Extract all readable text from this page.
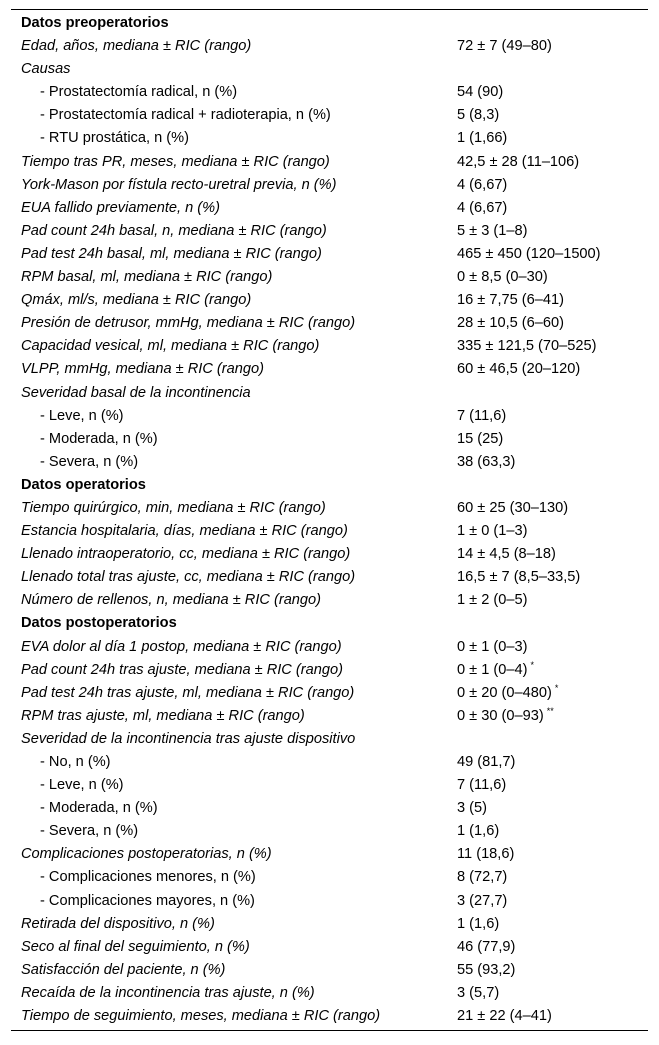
Datos preoperatorios
Edad, años, mediana ± RIC (rango)	72 ± 7 (49–80)
Causas
- Prostatectomía radical, n (%)	54 (90)
- Prostatectomía radical + radioterapia, n (%)	5 (8,3)
- RTU prostática, n (%)	1 (1,66)
Tiempo tras PR, meses, mediana ± RIC (rango)	42,5 ± 28 (11–106)
York-Mason por fístula recto-uretral previa, n (%)	4 (6,67)
EUA fallido previamente, n (%)	4 (6,67)
Pad count 24h basal, n, mediana ± RIC (rango)	5 ± 3 (1–8)
Pad test 24h basal, ml, mediana ± RIC (rango)	465 ± 450 (120–1500)
RPM basal, ml, mediana ± RIC (rango)	0 ± 8,5 (0–30)
Qmáx, ml/s, mediana ± RIC (rango)	16 ± 7,75 (6–41)
Presión de detrusor, mmHg, mediana ± RIC (rango)	28 ± 10,5 (6–60)
Capacidad vesical, ml, mediana ± RIC (rango)	335 ± 121,5 (70–525)
VLPP, mmHg, mediana ± RIC (rango)	60 ± 46,5 (20–120)
Severidad basal de la incontinencia
- Leve, n (%)	7 (11,6)
- Moderada, n (%)	15 (25)
- Severa, n (%)	38 (63,3)
Datos operatorios
Tiempo quirúrgico, min, mediana ± RIC (rango)	60 ± 25 (30–130)
Estancia hospitalaria, días, mediana ± RIC (rango)	1 ± 0 (1–3)
Llenado intraoperatorio, cc, mediana ± RIC (rango)	14 ± 4,5 (8–18)
Llenado total tras ajuste, cc, mediana ± RIC (rango)	16,5 ± 7 (8,5–33,5)
Número de rellenos, n, mediana ± RIC (rango)	1 ± 2 (0–5)
Datos postoperatorios
EVA dolor al día 1 postop, mediana ± RIC (rango)	0 ± 1 (0–3)
Pad count 24h tras ajuste, mediana ± RIC (rango)	0 ± 1 (0–4) *
Pad test 24h tras ajuste, ml, mediana ± RIC (rango)	0 ± 20 (0–480) *
RPM tras ajuste, ml, mediana ± RIC (rango)	0 ± 30 (0–93) **
Severidad de la incontinencia tras ajuste dispositivo
- No, n (%)	49 (81,7)
- Leve, n (%)	7 (11,6)
- Moderada, n (%)	3 (5)
- Severa, n (%)	1 (1,6)
Complicaciones postoperatorias, n (%)	11 (18,6)
- Complicaciones menores, n (%)	8 (72,7)
- Complicaciones mayores, n (%)	3 (27,7)
Retirada del dispositivo, n (%)	1 (1,6)
Seco al final del seguimiento, n (%)	46 (77,9)
Satisfacción del paciente, n (%)	55 (93,2)
Recaída de la incontinencia tras ajuste, n (%)	3 (5,7)
Tiempo de seguimiento, meses, mediana ± RIC (rango)	21 ± 22 (4–41)
